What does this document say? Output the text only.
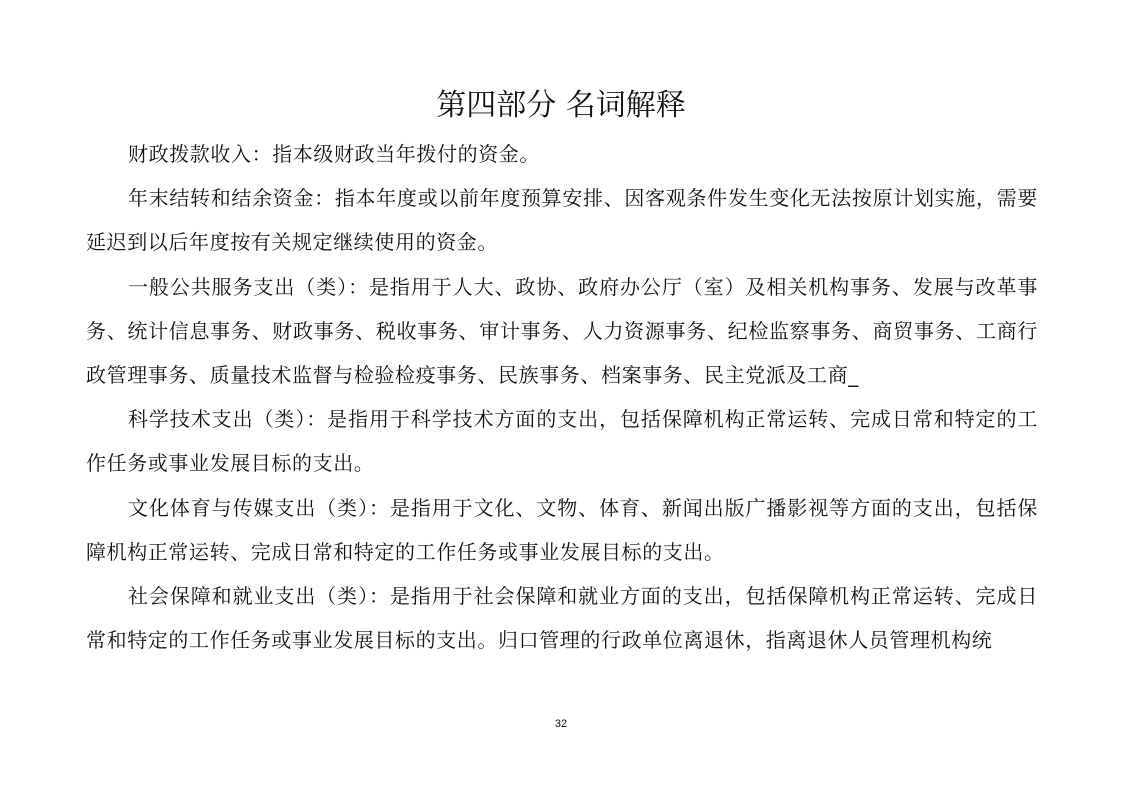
第四部分 名词解释

财政拨款收入：指本级财政当年拨付的资金。

年末结转和结余资金：指本年度或以前年度预算安排、因客观条件发生变化无法按原计划实施，需要延迟到以后年度按有关规定继续使用的资金。

一般公共服务支出（类）：是指用于人大、政协、政府办公厅（室）及相关机构事务、发展与改革事务、统计信息事务、财政事务、税收事务、审计事务、人力资源事务、纪检监察事务、商贸事务、工商行政管理事务、质量技术监督与检验检疫事务、民族事务、档案事务、民主党派及工商_

科学技术支出（类）：是指用于科学技术方面的支出，包括保障机构正常运转、完成日常和特定的工作任务或事业发展目标的支出。

文化体育与传媒支出（类）：是指用于文化、文物、体育、新闻出版广播影视等方面的支出，包括保障机构正常运转、完成日常和特定的工作任务或事业发展目标的支出。

社会保障和就业支出（类）：是指用于社会保障和就业方面的支出，包括保障机构正常运转、完成日常和特定的工作任务或事业发展目标的支出。归口管理的行政单位离退休，指离退休人员管理机构统

32
